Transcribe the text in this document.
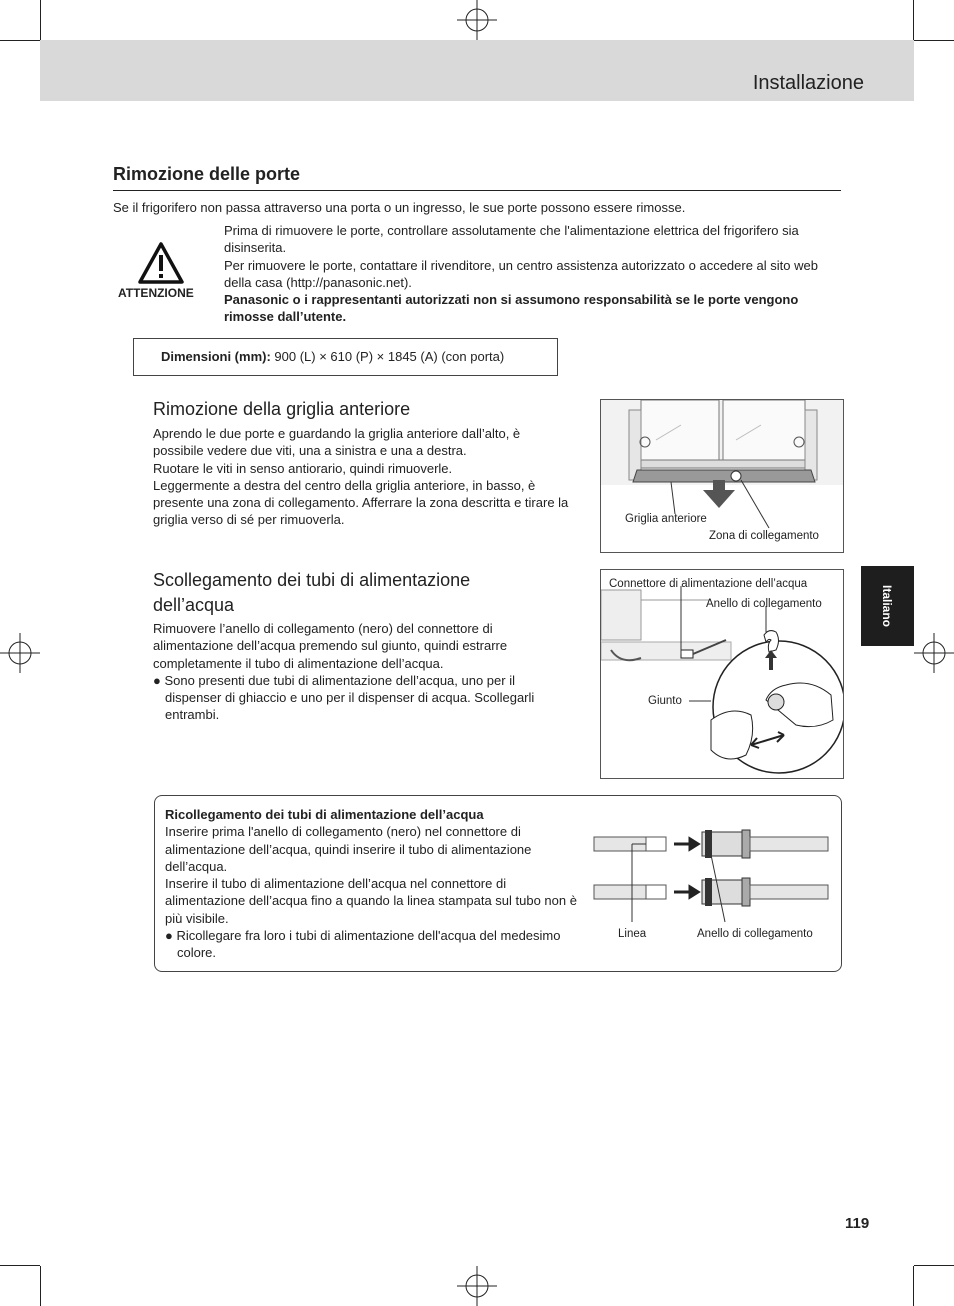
Installazione
Rimozione delle porte
Se il frigorifero non passa attraverso una porta o un ingresso, le sue porte possono essere rimosse.
ATTENZIONE

Prima di rimuovere le porte, controllare assolutamente che l'alimentazione elettrica del frigorifero sia disinserita.

Per rimuovere le porte, contattare il rivenditore, un centro assistenza autorizzato o accedere al sito web della casa (http://panasonic.net).

Panasonic o i rappresentanti autorizzati non si assumono responsabilità se le porte vengono rimosse dall’utente.

Dimensioni (mm): 900 (L) × 610 (P) × 1845 (A) (con porta)
Rimozione della griglia anteriore

Aprendo le due porte e guardando la griglia anteriore dall’alto, è possibile vedere due viti, una a sinistra e una a destra.

Ruotare le viti in senso antiorario, quindi rimuoverle.

Leggermente a destra del centro della griglia anteriore, in basso, è presente una zona di collegamento. Afferrare la zona descritta e tirare la griglia verso di sé per rimuoverla.	Griglia anteriore
Zona di collegamento
Scollegamento dei tubi di alimentazione
dell’acqua

Rimuovere l’anello di collegamento (nero) del connettore di alimentazione dell’acqua premendo sul giunto, quindi estrarre completamente il tubo di alimentazione dell’acqua.

● Sono presenti due tubi di alimentazione dell’acqua, uno per il dispenser di ghiaccio e uno per il dispenser di acqua. Scollegarli entrambi.

Connettore di alimentazione dell’acqua
Anello di collegamento
Giunto
Italiano

Ricollegamento dei tubi di alimentazione dell’acqua

Inserire prima l'anello di collegamento (nero) nel connettore di alimentazione dell’acqua, quindi inserire il tubo di alimentazione dell’acqua.

Inserire il tubo di alimentazione dell’acqua nel connettore di alimentazione dell’acqua fino a quando la linea stampata sul tubo non è più visibile.

● Ricollegare fra loro i tubi di alimentazione dell'acqua del medesimo colore.

Linea	Anello di collegamento
119
